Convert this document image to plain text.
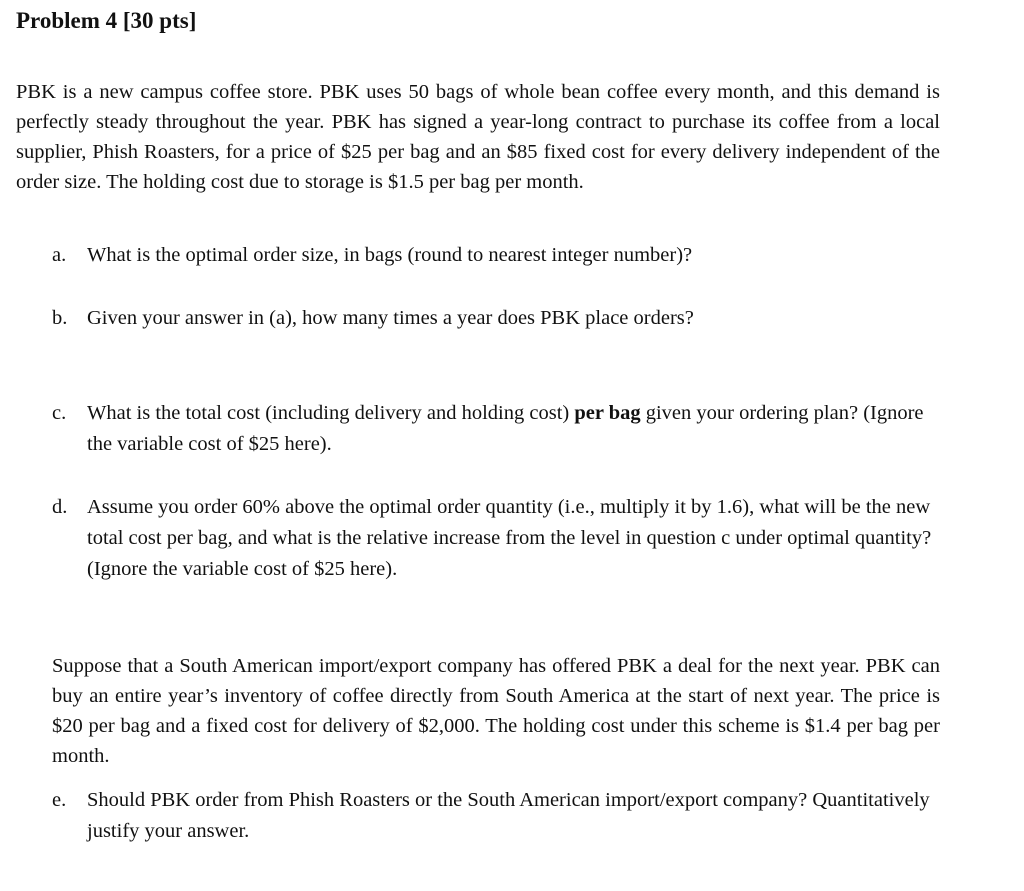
Problem 4 [30 pts]

PBK is a new campus coffee store. PBK uses 50 bags of whole bean coffee every month, and this demand is perfectly steady throughout the year. PBK has signed a year-long contract to purchase its coffee from a local supplier, Phish Roasters, for a price of $25 per bag and an $85 fixed cost for every delivery independent of the order size. The holding cost due to storage is $1.5 per bag per month.

a.	What is the optimal order size, in bags (round to nearest integer number)?
b. Given your answer in (a), how many times a year does PBK place orders?
c.	What is the total cost (including delivery and holding cost) per bag given your ordering plan? (Ignore the variable cost of $25 here).
d. Assume you order 60% above the optimal order quantity (i.e., multiply it by 1.6), what will be the new total cost per bag, and what is the relative increase from the level in question c under optimal quantity? (Ignore the variable cost of $25 here).

Suppose that a South American import/export company has offered PBK a deal for the next year. PBK can buy an entire year’s inventory of coffee directly from South America at the start of next year. The price is $20 per bag and a fixed cost for delivery of $2,000. The holding cost under this scheme is $1.4 per bag per month.

e.	Should PBK order from Phish Roasters or the South American import/export company? Quantitatively justify your answer.
